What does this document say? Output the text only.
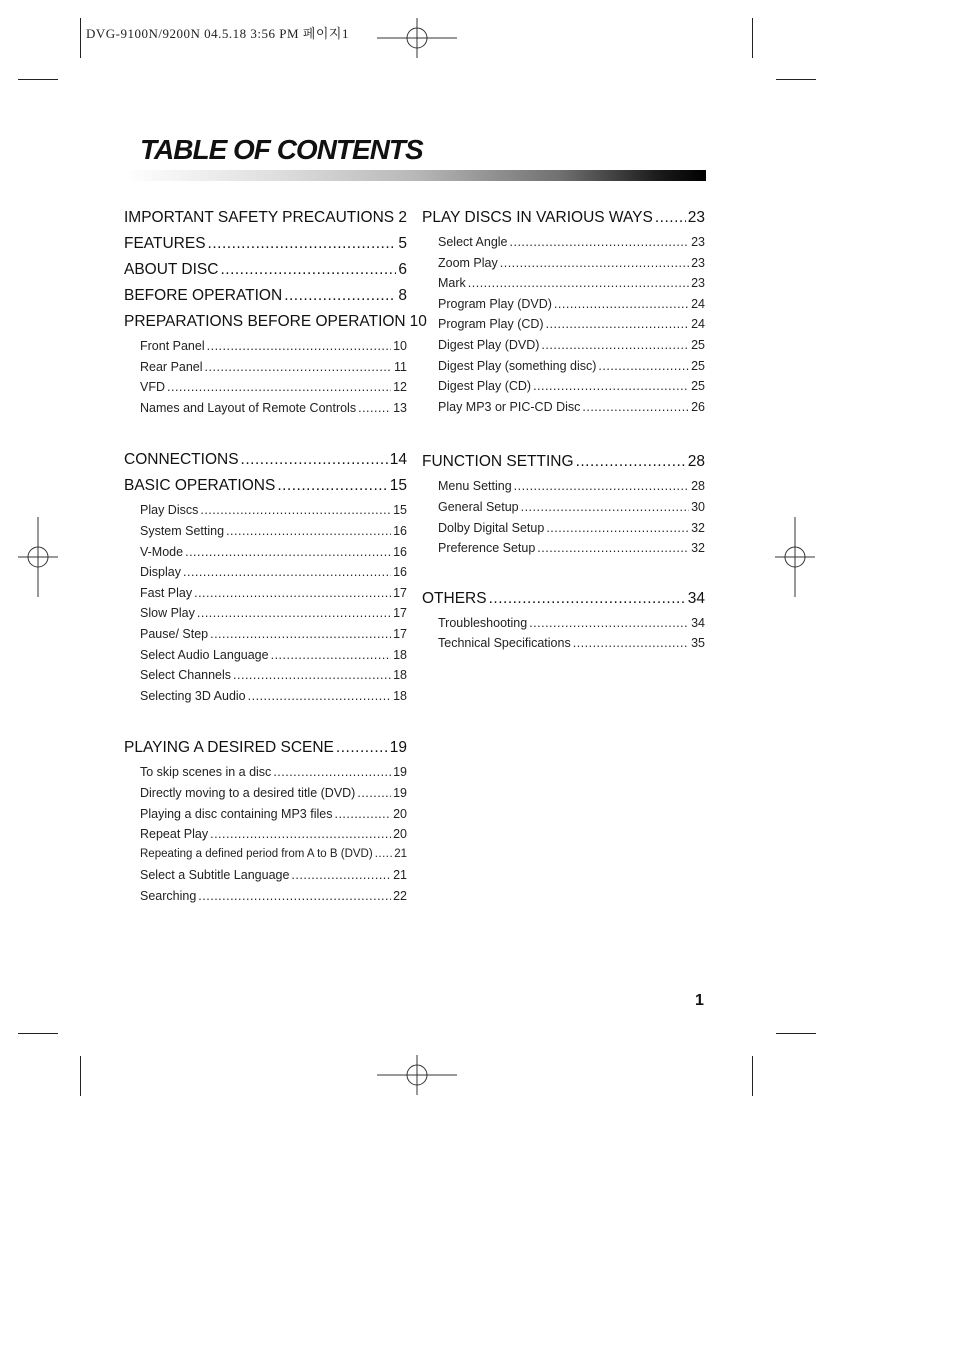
DVG-9100N/9200N 04.5.18 3:56 PM 페이지1
TABLE OF CONTENTS
IMPORTANT SAFETY PRECAUTIONS ..... 2
FEATURES .....	5
ABOUT DISC .....	6
BEFORE OPERATION .....	8
PREPARATIONS BEFORE OPERATION 10
Front Panel .....	10
Rear Panel .....	11
VFD .....	12
Names and Layout of Remote Controls .....	13
CONNECTIONS .....	14
BASIC OPERATIONS .....	15
Play Discs .....	15
System Setting .....	16
V-Mode .....	16
Display .....	16
Fast Play .....	17
Slow Play .....	17
Pause/ Step .....	17
Select Audio Language .....	18
Select Channels .....	18
Selecting 3D Audio .....	18
PLAYING A DESIRED SCENE .....	19
To skip scenes in a disc .....	19
Directly moving to a desired title (DVD) .....	19
Playing a disc containing MP3 files .....	20
Repeat Play .....	20
Repeating a defined period from A to B (DVD) ..... 21
Select a Subtitle Language .....	21
Searching .....	22
PLAY DISCS IN VARIOUS WAYS ..... 23
Select Angle .....	23
Zoom Play .....	23
Mark .....	23
Program Play (DVD) .....	24
Program Play (CD) .....	24
Digest Play (DVD) .....	25
Digest Play (something disc) .....	25
Digest Play (CD) .....	25
Play MP3 or PIC-CD Disc .....	26
FUNCTION SETTING .....	28
Menu Setting .....	28
General Setup .....	30
Dolby Digital Setup .....	32
Preference Setup .....	32
OTHERS .....	34
Troubleshooting .....	34
Technical Specifications .....	35
1
